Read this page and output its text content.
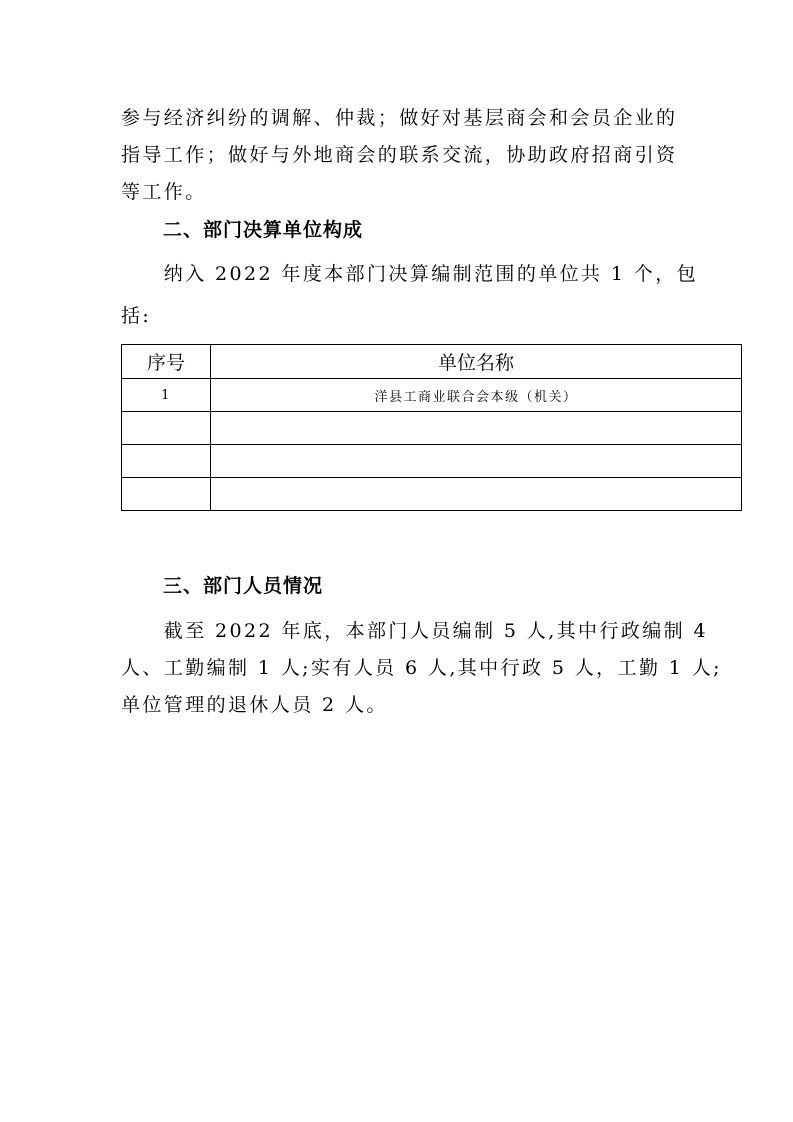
参与经济纠纷的调解、仲裁；做好对基层商会和会员企业的
指导工作；做好与外地商会的联系交流，协助政府招商引资
等工作。
二、部门决算单位构成
　　纳入 2022 年度本部门决算编制范围的单位共 1 个，包
括:
序号	单位名称
1	洋县工商业联合会本级（机关）

三、部门人员情况
　　截至 2022 年底，本部门人员编制 5 人,其中行政编制 4
人、工勤编制 1 人;实有人员 6 人,其中行政 5 人，工勤 1 人;
单位管理的退休人员 2 人。
